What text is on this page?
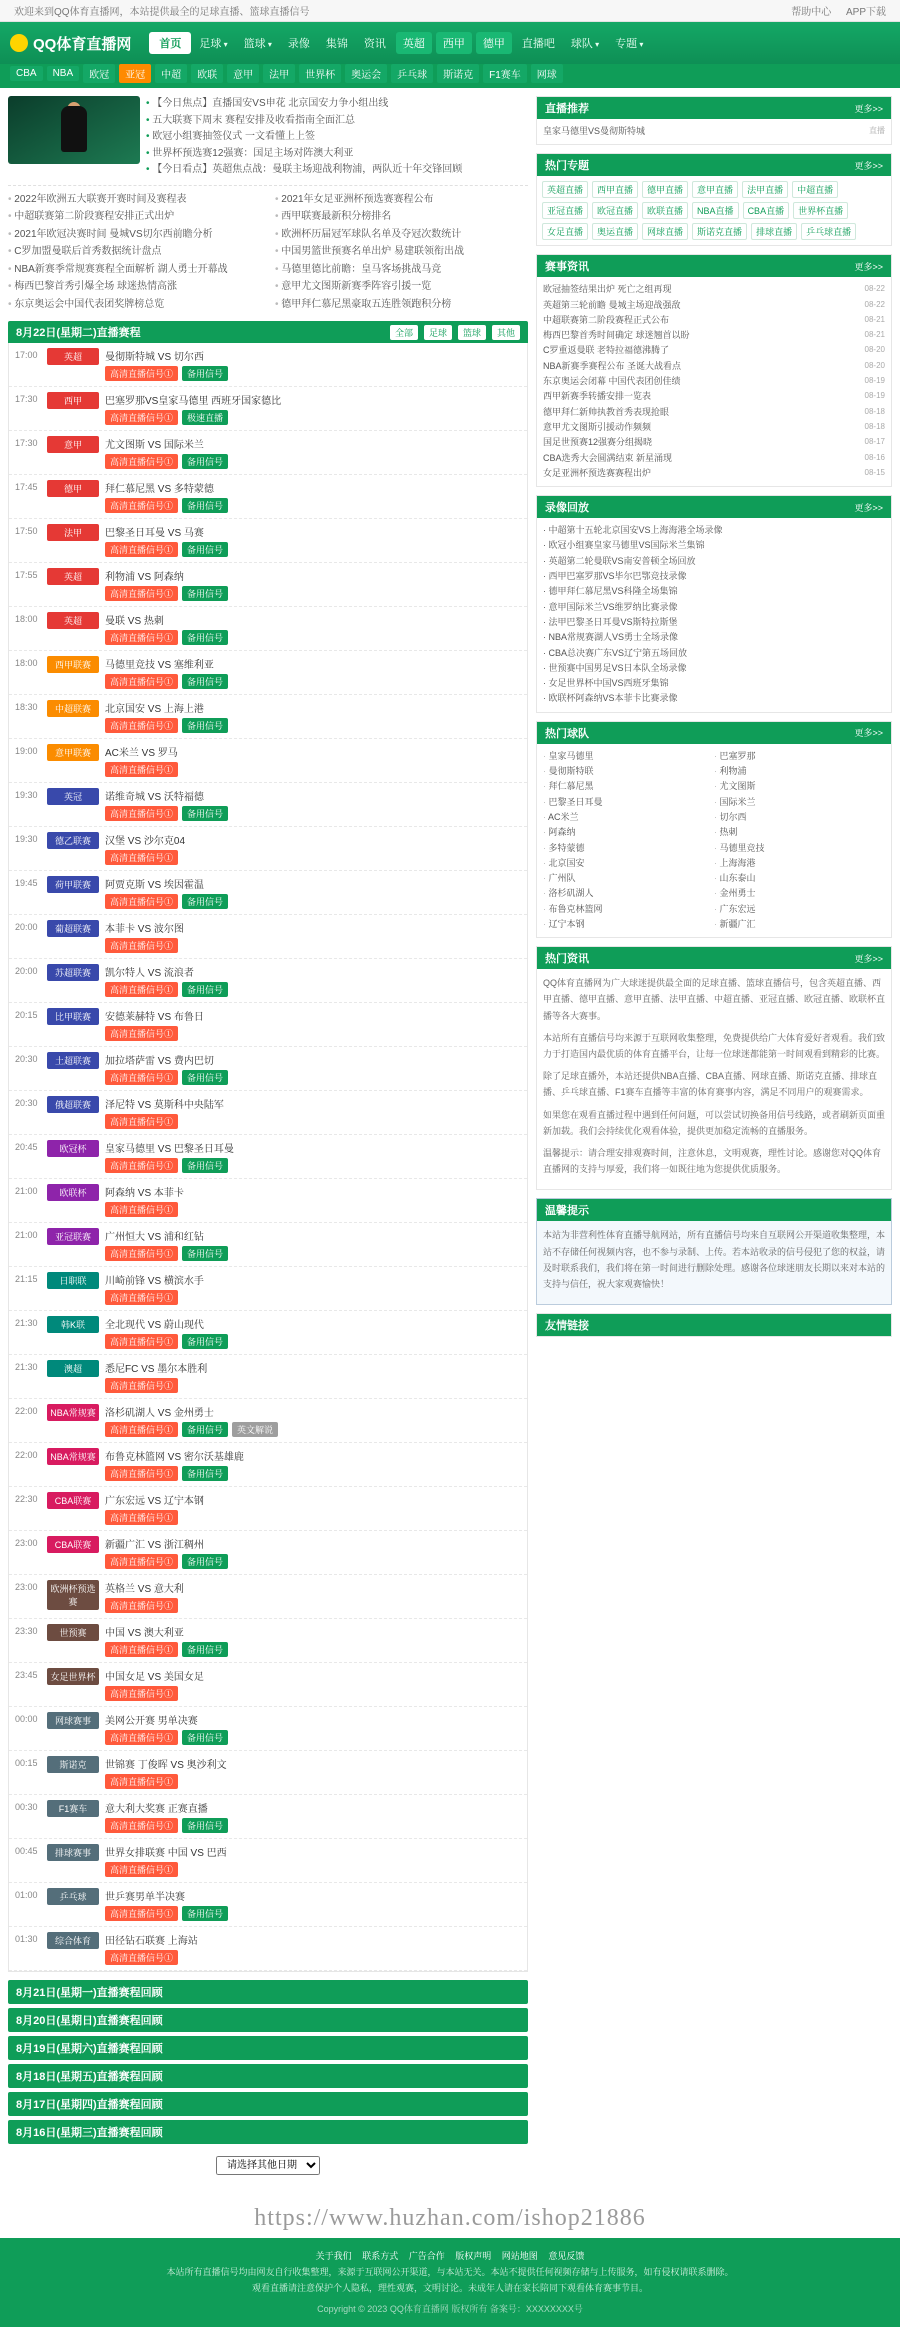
欢迎来到QQ体育直播网，本站提供最全的足球直播、篮球直播信号	帮助中心 APP下载
QQ体育直播网	首页	足球 ▾	篮球 ▾	录像	集锦	资讯	英超	西甲	德甲	直播吧	球队 ▾	专题 ▾
CBA	NBA	欧冠	亚冠	中超	欧联	意甲	法甲	世界杯	奥运会	乒乓球	斯诺克	F1赛车	网球
• 【今日焦点】直播国安VS申花 北京国安力争小组出线
• 五大联赛下周末 赛程安排及收看指南全面汇总
• 欧冠小组赛抽签仪式 一文看懂上上签
• 世界杯预选赛12强赛：国足主场对阵澳大利亚
• 【今日看点】英超焦点战：曼联主场迎战利物浦，两队近十年交锋回顾
• 2022年欧洲五大联赛开赛时间及赛程表
• 中超联赛第二阶段赛程安排正式出炉
• 2021年欧冠决赛时间 曼城VS切尔西前瞻分析
• C罗加盟曼联后首秀数据统计盘点
• NBA新赛季常规赛赛程全面解析 湖人勇士开幕战
• 梅西巴黎首秀引爆全场 球迷热情高涨
• 东京奥运会中国代表团奖牌榜总览
• 2021年女足亚洲杯预选赛赛程公布
• 西甲联赛最新积分榜排名
• 欧洲杯历届冠军球队名单及夺冠次数统计
• 中国男篮世预赛名单出炉 易建联领衔出战
• 马德里德比前瞻：皇马客场挑战马竞
• 意甲尤文图斯新赛季阵容引援一览
• 德甲拜仁慕尼黑豪取五连胜领跑积分榜
8月22日(星期二)直播赛程	全部	足球	篮球	其他
17:00	英超	曼彻斯特城 VS 切尔西
高清直播信号①	备用信号
17:30	西甲	巴塞罗那VS皇家马德里 西班牙国家德比
高清直播信号①	极速直播
17:30	意甲	尤文图斯 VS 国际米兰
高清直播信号①	备用信号
17:45	德甲	拜仁慕尼黑 VS 多特蒙德
高清直播信号①	备用信号
17:50	法甲	巴黎圣日耳曼 VS 马赛
高清直播信号①	备用信号
17:55	英超	利物浦 VS 阿森纳
高清直播信号①	备用信号
18:00	英超	曼联 VS 热刺
高清直播信号①	备用信号
18:00	西甲联赛	马德里竞技 VS 塞维利亚
高清直播信号①	备用信号
18:30	中超联赛	北京国安 VS 上海上港
高清直播信号①	备用信号
19:00	意甲联赛	AC米兰 VS 罗马
高清直播信号①
19:30	英冠	诺维奇城 VS 沃特福德
高清直播信号①	备用信号
19:30	德乙联赛	汉堡 VS 沙尔克04
高清直播信号①
19:45	荷甲联赛	阿贾克斯 VS 埃因霍温
高清直播信号①	备用信号
20:00	葡超联赛	本菲卡 VS 波尔图
高清直播信号①
20:00	苏超联赛	凯尔特人 VS 流浪者
高清直播信号①	备用信号
20:15	比甲联赛	安德莱赫特 VS 布鲁日
高清直播信号①
20:30	土超联赛	加拉塔萨雷 VS 费内巴切
高清直播信号①	备用信号
20:30	俄超联赛	泽尼特 VS 莫斯科中央陆军
高清直播信号①
20:45	欧冠杯	皇家马德里 VS 巴黎圣日耳曼
高清直播信号①	备用信号
21:00	欧联杯	阿森纳 VS 本菲卡
高清直播信号①
21:00	亚冠联赛	广州恒大 VS 浦和红钻
高清直播信号①	备用信号
21:15	日职联	川崎前锋 VS 横滨水手
高清直播信号①
21:30	韩K联	全北现代 VS 蔚山现代
高清直播信号①	备用信号
21:30	澳超	悉尼FC VS 墨尔本胜利
高清直播信号①
22:00	NBA常规赛 洛杉矶湖人 VS 金州勇士
高清直播信号①	备用信号	英文解说
22:00	NBA常规赛 布鲁克林篮网 VS 密尔沃基雄鹿
高清直播信号①	备用信号
22:30	CBA联赛	广东宏远 VS 辽宁本钢
高清直播信号①
23:00	CBA联赛	新疆广汇 VS 浙江稠州
高清直播信号①	备用信号
23:00	欧洲杯预选赛
英格兰 VS 意大利
高清直播信号①
23:30	世预赛	中国 VS 澳大利亚
高清直播信号①	备用信号
23:45	女足世界杯 中国女足 VS 美国女足
高清直播信号①
00:00	网球赛事	美网公开赛 男单决赛
高清直播信号①	备用信号
00:15	斯诺克	世锦赛 丁俊晖 VS 奥沙利文
高清直播信号①
00:30	F1赛车	意大利大奖赛 正赛直播
高清直播信号①	备用信号
00:45	排球赛事	世界女排联赛 中国 VS 巴西
高清直播信号①
01:00	乒乓球	世乒赛男单半决赛
高清直播信号①	备用信号
01:30	综合体育	田径钻石联赛 上海站
高清直播信号①
8月21日(星期一)直播赛程回顾
8月20日(星期日)直播赛程回顾
8月19日(星期六)直播赛程回顾
8月18日(星期五)直播赛程回顾
8月17日(星期四)直播赛程回顾
8月16日(星期三)直播赛程回顾
请选择其他日期
直播推荐	更多>>
皇家马德里VS曼彻斯特城	直播
热门专题	更多>>
英超直播	西甲直播	德甲直播	意甲直播	法甲直播	中超直播
亚冠直播	欧冠直播	欧联直播	NBA直播	CBA直播	世界杯直播
女足直播	奥运直播	网球直播	斯诺克直播	排球直播	乒乓球直播
赛事资讯	更多>>
欧冠抽签结果出炉 死亡之组再现	08-22
英超第三轮前瞻 曼城主场迎战强敌	08-22
中超联赛第二阶段赛程正式公布	08-21
梅西巴黎首秀时间确定 球迷翘首以盼	08-21
C罗重返曼联 老特拉福德沸腾了	08-20
NBA新赛季赛程公布 圣诞大战看点	08-20
东京奥运会闭幕 中国代表团创佳绩	08-19
西甲新赛季转播安排一览表	08-19
德甲拜仁新帅执教首秀表现抢眼	08-18
意甲尤文图斯引援动作频频	08-18
国足世预赛12强赛分组揭晓	08-17
CBA选秀大会圆满结束 新星涌现	08-16
女足亚洲杯预选赛赛程出炉	08-15
录像回放	更多>>
· 中超第十五轮北京国安VS上海海港全场录像
· 欧冠小组赛皇家马德里VS国际米兰集锦
· 英超第二轮曼联VS南安普顿全场回放
· 西甲巴塞罗那VS毕尔巴鄂竞技录像
· 德甲拜仁慕尼黑VS科隆全场集锦
· 意甲国际米兰VS维罗纳比赛录像
· 法甲巴黎圣日耳曼VS斯特拉斯堡
· NBA常规赛湖人VS勇士全场录像
· CBA总决赛广东VS辽宁第五场回放
· 世预赛中国男足VS日本队全场录像
· 女足世界杯中国VS西班牙集锦
· 欧联杯阿森纳VS本菲卡比赛录像
热门球队	更多>>
· 皇家马德里	· 巴塞罗那
· 曼彻斯特联	· 利物浦
· 拜仁慕尼黑	· 尤文图斯
· 巴黎圣日耳曼	· 国际米兰
· AC米兰	· 切尔西
· 阿森纳	· 热刺
· 多特蒙德	· 马德里竞技
· 北京国安	· 上海海港
· 广州队	· 山东泰山
· 洛杉矶湖人	· 金州勇士
· 布鲁克林篮网	· 广东宏远
· 辽宁本钢	· 新疆广汇
热门资讯	更多>>

QQ体育直播网为广大球迷提供最全面的足球直播、篮球直播信号，包含英超直播、西甲直播、德甲直播、意甲直播、法甲直播、中超直播、亚冠直播、欧冠直播、欧联杯直播等各大赛事。

本站所有直播信号均来源于互联网收集整理，免费提供给广大体育爱好者观看。我们致力于打造国内最优质的体育直播平台，让每一位球迷都能第一时间观看到精彩的比赛。

除了足球直播外，本站还提供NBA直播、CBA直播、网球直播、斯诺克直播、排球直播、乒乓球直播、F1赛车直播等丰富的体育赛事内容，满足不同用户的观赛需求。

如果您在观看直播过程中遇到任何问题，可以尝试切换备用信号线路，或者刷新页面重新加载。我们会持续优化观看体验，提供更加稳定流畅的直播服务。

温馨提示：请合理安排观赛时间，注意休息，文明观赛，理性讨论。感谢您对QQ体育直播网的支持与厚爱，我们将一如既往地为您提供优质服务。

温馨提示

本站为非营利性体育直播导航网站，所有直播信号均来自互联网公开渠道收集整理，本站不存储任何视频内容，也不参与录制、上传。若本站收录的信号侵犯了您的权益，请及时联系我们，我们将在第一时间进行删除处理。感谢各位球迷朋友长期以来对本站的支持与信任，祝大家观赛愉快！

友情链接
https://www.huzhan.com/ishop21886
关于我们 联系方式 广告合作 版权声明 网站地图 意见反馈
本站所有直播信号均由网友自行收集整理，来源于互联网公开渠道，与本站无关。本站不提供任何视频存储与上传服务，如有侵权请联系删除。
观看直播请注意保护个人隐私，理性观赛，文明讨论。未成年人请在家长陪同下观看体育赛事节目。
Copyright © 2023 QQ体育直播网 版权所有 备案号：XXXXXXXX号
